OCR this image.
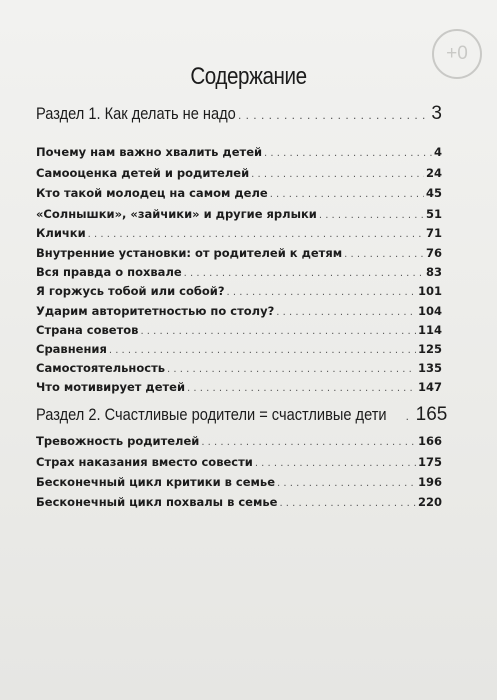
+0
Содержание
Раздел 1. Как делать не надо . . .	3
Почему нам важно хвалить детей . . .	4
Самооценка детей и родителей . . .	24
Кто такой молодец на самом деле . . .	45
«Солнышки», «зайчики» и другие ярлыки . . .	51
Клички . . .	71
Внутренние установки: от родителей к детям . . .	76
Вся правда о похвале . . .	83
Я горжусь тобой или собой? . . .	101
Ударим авторитетностью по столу? . . .	104
Страна советов . . .	114
Сравнения . . .	125
Самостоятельность . . .	135
Что мотивирует детей . . .	147
Раздел 2. Счастливые родители = счастливые дети . . . 165
Тревожность родителей . . .	166
Страх наказания вместо совести . . .	175
Бесконечный цикл критики в семье . . .	196
Бесконечный цикл похвалы в семье . . .	220
